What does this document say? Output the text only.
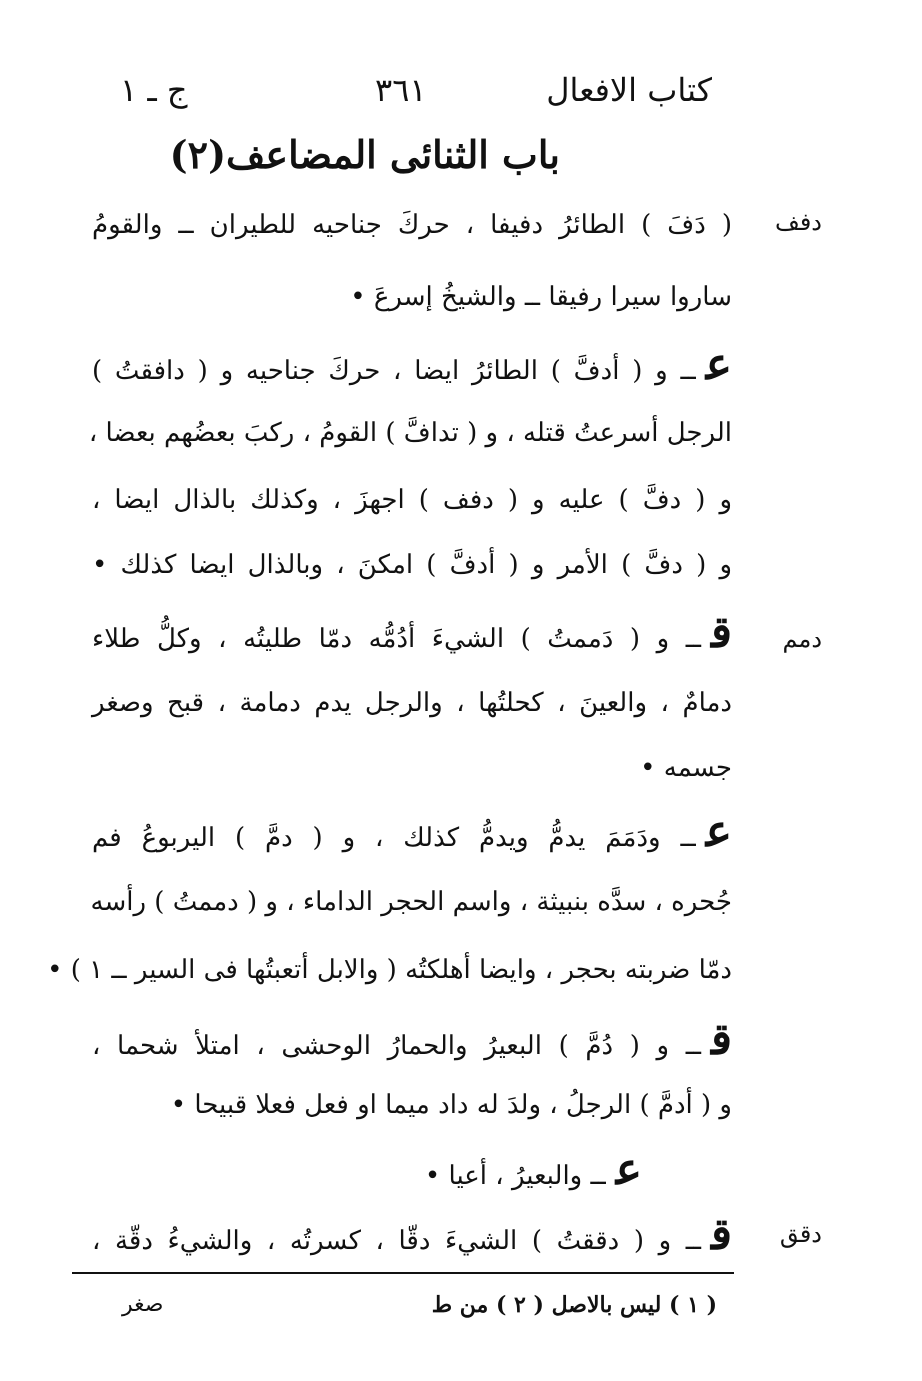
ج ـ ١	٣٦١	كتاب الافعال
باب الثنائى المضاعف(٢)
دفف
( دَفَ ) الطائرُ دفيفا ، حركَ جناحيه للطيران ــ والقومُ
ساروا سيرا رفيقا ــ والشيخُ إسرعَ •
عــ و ( أدفَّ ) الطائرُ ايضا ، حركَ جناحيه و ( دافقتُ )
الرجل أسرعتُ قتله ، و ( تدافَّ ) القومُ ، ركبَ بعضُهم بعضا ،
و ( دفَّ ) عليه و ( دفف ) اجهزَ ، وكذلك بالذال ايضا ،
و ( دفَّ ) الأمر و ( أدفَّ ) امكنَ ، وبالذال ايضا كذلك •
دمم
قــ و ( دَممتُ ) الشيءَ أدُمُّه دمّا طليتُه ، وكلُّ طلاء
دمامٌ ، والعينَ ، كحلتُها ، والرجل يدم دمامة ، قبح وصغر
جسمه •
عــ ودَمَمَ يدمُّ ويدمُّ كذلك ، و ( دمَّ ) اليربوعُ فم
جُحره ، سدَّه بنبيثة ، واسم الحجر الداماء ، و ( دممتُ ) رأسه
دمّا ضربته بحجر ، وايضا أهلكتُه ( والابل أتعبتُها فى السير ــ ١ ) •
قــ و ( دُمَّ ) البعيرُ والحمارُ الوحشى ، امتلأ شحما ،
و ( أدمَّ ) الرجلُ ، ولدَ له داد ميما او فعل فعلا قبيحا •
عــ والبعيرُ ، أعيا •
دقق
قــ و ( دققتُ ) الشيءَ دقّا ، كسرتُه ، والشيءُ دقّة ،
صغر	( ١ ) ليس بالاصل ( ٢ ) من ط
